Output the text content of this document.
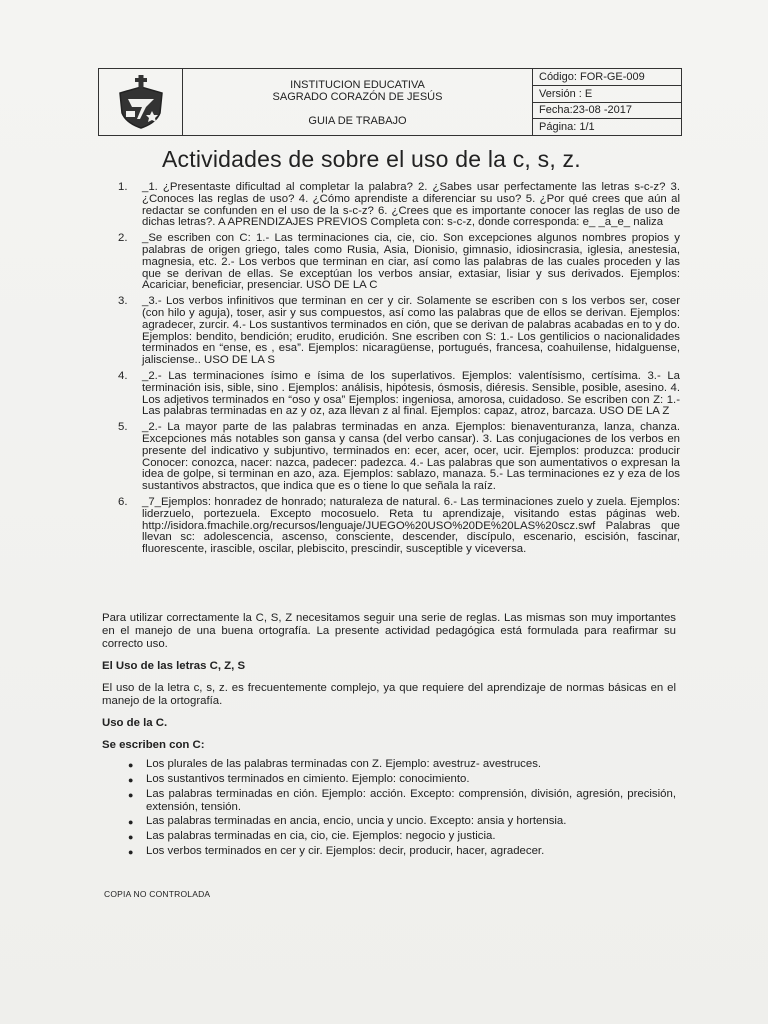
INSTITUCION EDUCATIVA
SAGRADO CORAZÓN DE JESÚS
GUIA DE TRABAJO
Código: FOR-GE-009
Versión : E
Fecha:23-08 -2017
Página: 1/1
Actividades de sobre el uso de la c, s, z.
1.	_1. ¿Presentaste dificultad al completar la palabra? 2. ¿Sabes usar perfectamente las letras s-c-z? 3. ¿Conoces las reglas de uso? 4. ¿Cómo aprendiste a diferenciar su uso? 5. ¿Por qué crees que aún al redactar se confunden en el uso de la s-c-z? 6. ¿Crees que es importante conocer las reglas de uso de dichas letras?. A APRENDIZAJES PREVIOS Completa con: s-c-z, donde corresponda: e_ _a_e_ naliza
2.	_Se escriben con C: 1.- Las terminaciones cia, cie, cio. Son excepciones algunos nombres propios y palabras de origen griego, tales como Rusia, Asia, Dionisio, gimnasio, idiosincrasia, iglesia, anestesia, magnesia, etc. 2.- Los verbos que terminan en ciar, así como las palabras de las cuales proceden y las que se derivan de ellas. Se exceptúan los verbos ansiar, extasiar, lisiar y sus derivados. Ejemplos: Acariciar, beneficiar, presenciar. USO DE LA C
3.	_3.- Los verbos infinitivos que terminan en cer y cir. Solamente se escriben con s los verbos ser, coser (con hilo y aguja), toser, asir y sus compuestos, así como las palabras que de ellos se derivan. Ejemplos: agradecer, zurcir. 4.- Los sustantivos terminados en ción, que se derivan de palabras acabadas en to y do. Ejemplos: bendito, bendición; erudito, erudición. Sne escriben con S: 1.- Los gentilicios o nacionalidades terminados en “ense, es , esa”. Ejemplos: nicaragüense, portugués, francesa, coahuilense, hidalguense, jalisciense.. USO DE LA S
4.	_2.- Las terminaciones ísimo e ísima de los superlativos. Ejemplos: valentísismo, certísima. 3.- La terminación isis, sible, sino . Ejemplos: análisis, hipótesis, ósmosis, diéresis. Sensible, posible, asesino. 4. Los adjetivos terminados en “oso y osa” Ejemplos: ingeniosa, amorosa, cuidadoso. Se escriben con Z: 1.- Las palabras terminadas en az y oz, aza llevan z al final. Ejemplos: capaz, atroz, barcaza. USO DE LA Z
5.	_2.- La mayor parte de las palabras terminadas en anza. Ejemplos: bienaventuranza, lanza, chanza. Excepciones más notables son gansa y cansa (del verbo cansar). 3. Las conjugaciones de los verbos en presente del indicativo y subjuntivo, terminados en: ecer, acer, ocer, ucir. Ejemplos: produzca: producir Conocer: conozca, nacer: nazca, padecer: padezca. 4.- Las palabras que son aumentativos o expresan la idea de golpe, si terminan en azo, aza. Ejemplos: sablazo, manaza. 5.- Las terminaciones ez y eza de los sustantivos abstractos, que indica que es o tiene lo que señala la raíz.
6.	_7_Ejemplos: honradez de honrado; naturaleza de natural. 6.- Las terminaciones zuelo y zuela. Ejemplos: liderzuelo, portezuela. Excepto mocosuelo. Reta tu aprendizaje, visitando estas páginas web. http://isidora.fmachile.org/recursos/lenguaje/JUEGO%20USO%20DE%20LAS%20scz.swf Palabras que llevan sc: adolescencia, ascenso, consciente, descender, discípulo, escenario, escisión, fascinar, fluorescente, irascible, oscilar, plebiscito, prescindir, susceptible y viceversa.

Para utilizar correctamente la C, S, Z necesitamos seguir una serie de reglas. Las mismas son muy importantes en el manejo de una buena ortografía. La presente actividad pedagógica está formulada para reafirmar su correcto uso.

El Uso de las letras C, Z, S

El uso de la letra c, s, z. es frecuentemente complejo, ya que requiere del aprendizaje de normas básicas en el manejo de la ortografía.

Uso de la C.

Se escriben con C:

●	Los plurales de las palabras terminadas con Z. Ejemplo: avestruz- avestruces.
●	Los sustantivos terminados en cimiento. Ejemplo: conocimiento.
●	Las palabras terminadas en ción. Ejemplo: acción. Excepto: comprensión, división, agresión, precisión, extensión, tensión.
●	Las palabras terminadas en ancia, encio, uncia y uncio. Excepto: ansia y hortensia.
●	Las palabras terminadas en cia, cio, cie. Ejemplos: negocio y justicia.
●	Los verbos terminados en cer y cir. Ejemplos: decir, producir, hacer, agradecer.
COPIA NO CONTROLADA
